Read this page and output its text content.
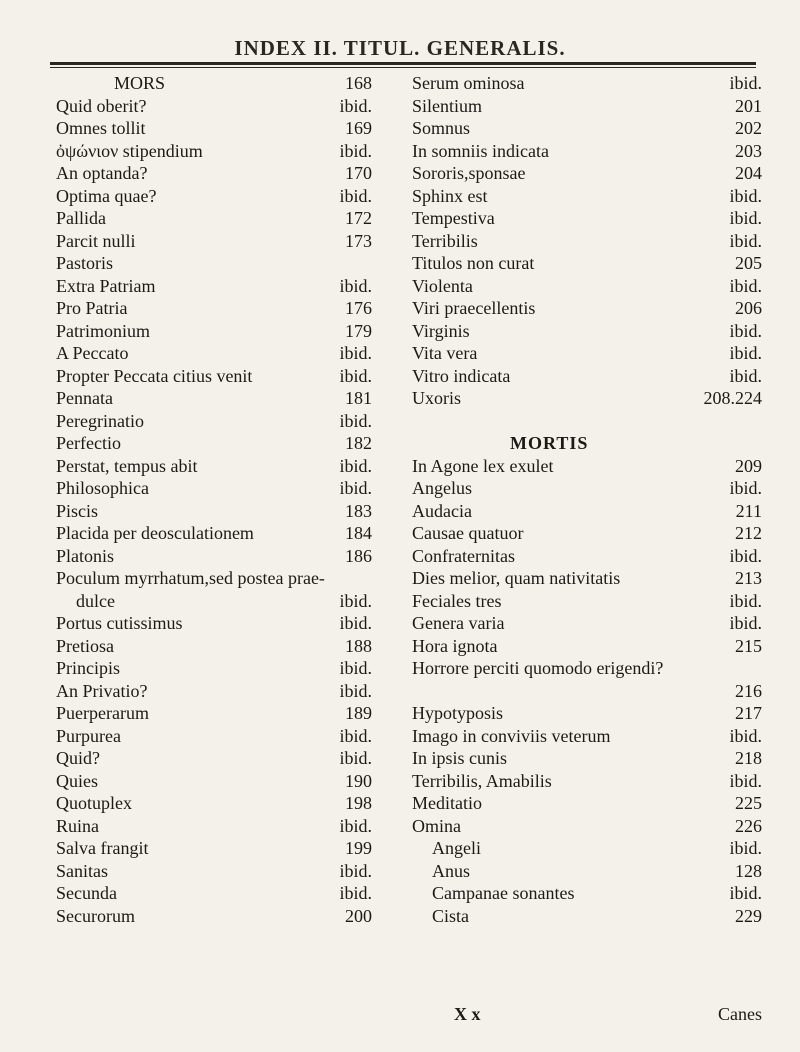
INDEX II. TITUL. GENERALIS.
MORS	168
Quid oberit?	ibid.
Omnes tollit	169
ὀψώνιον stipendium	ibid.
An optanda?	170
Optima quae?	ibid.
Pallida	172
Parcit nulli	173
Pastoris
Extra Patriam	ibid.
Pro Patria	176
Patrimonium	179
A Peccato	ibid.
Propter Peccata citius venit	ibid.
Pennata	181
Peregrinatio	ibid.
Perfectio	182
Perstat, tempus abit	ibid.
Philosophica	ibid.
Piscis	183
Placida per deosculationem	184
Platonis	186
Poculum myrrhatum,sed postea prae-
dulce	ibid.
Portus cutissimus	ibid.
Pretiosa	188
Principis	ibid.
An Privatio?	ibid.
Puerperarum	189
Purpurea	ibid.
Quid?	ibid.
Quies	190
Quotuplex	198
Ruina	ibid.
Salva frangit	199
Sanitas	ibid.
Secunda	ibid.
Securorum	200
Serum ominosa	ibid.
Silentium	201
Somnus	202
In somniis indicata	203
Sororis,sponsae	204
Sphinx est	ibid.
Tempestiva	ibid.
Terribilis	ibid.
Titulos non curat	205
Violenta	ibid.
Viri praecellentis	206
Virginis	ibid.
Vita vera	ibid.
Vitro indicata	ibid.
Uxoris	208.224
MORTIS
In Agone lex exulet	209
Angelus	ibid.
Audacia	211
Causae quatuor	212
Confraternitas	ibid.
Dies melior, quam nativitatis	213
Feciales tres	ibid.
Genera varia	ibid.
Hora ignota	215
Horrore perciti quomodo erigendi?
216
Hypotyposis	217
Imago in conviviis veterum	ibid.
In ipsis cunis	218
Terribilis, Amabilis	ibid.
Meditatio	225
Omina	226
Angeli	ibid.
Anus	128
Campanae sonantes	ibid.
Cista	229
X x	Canes
